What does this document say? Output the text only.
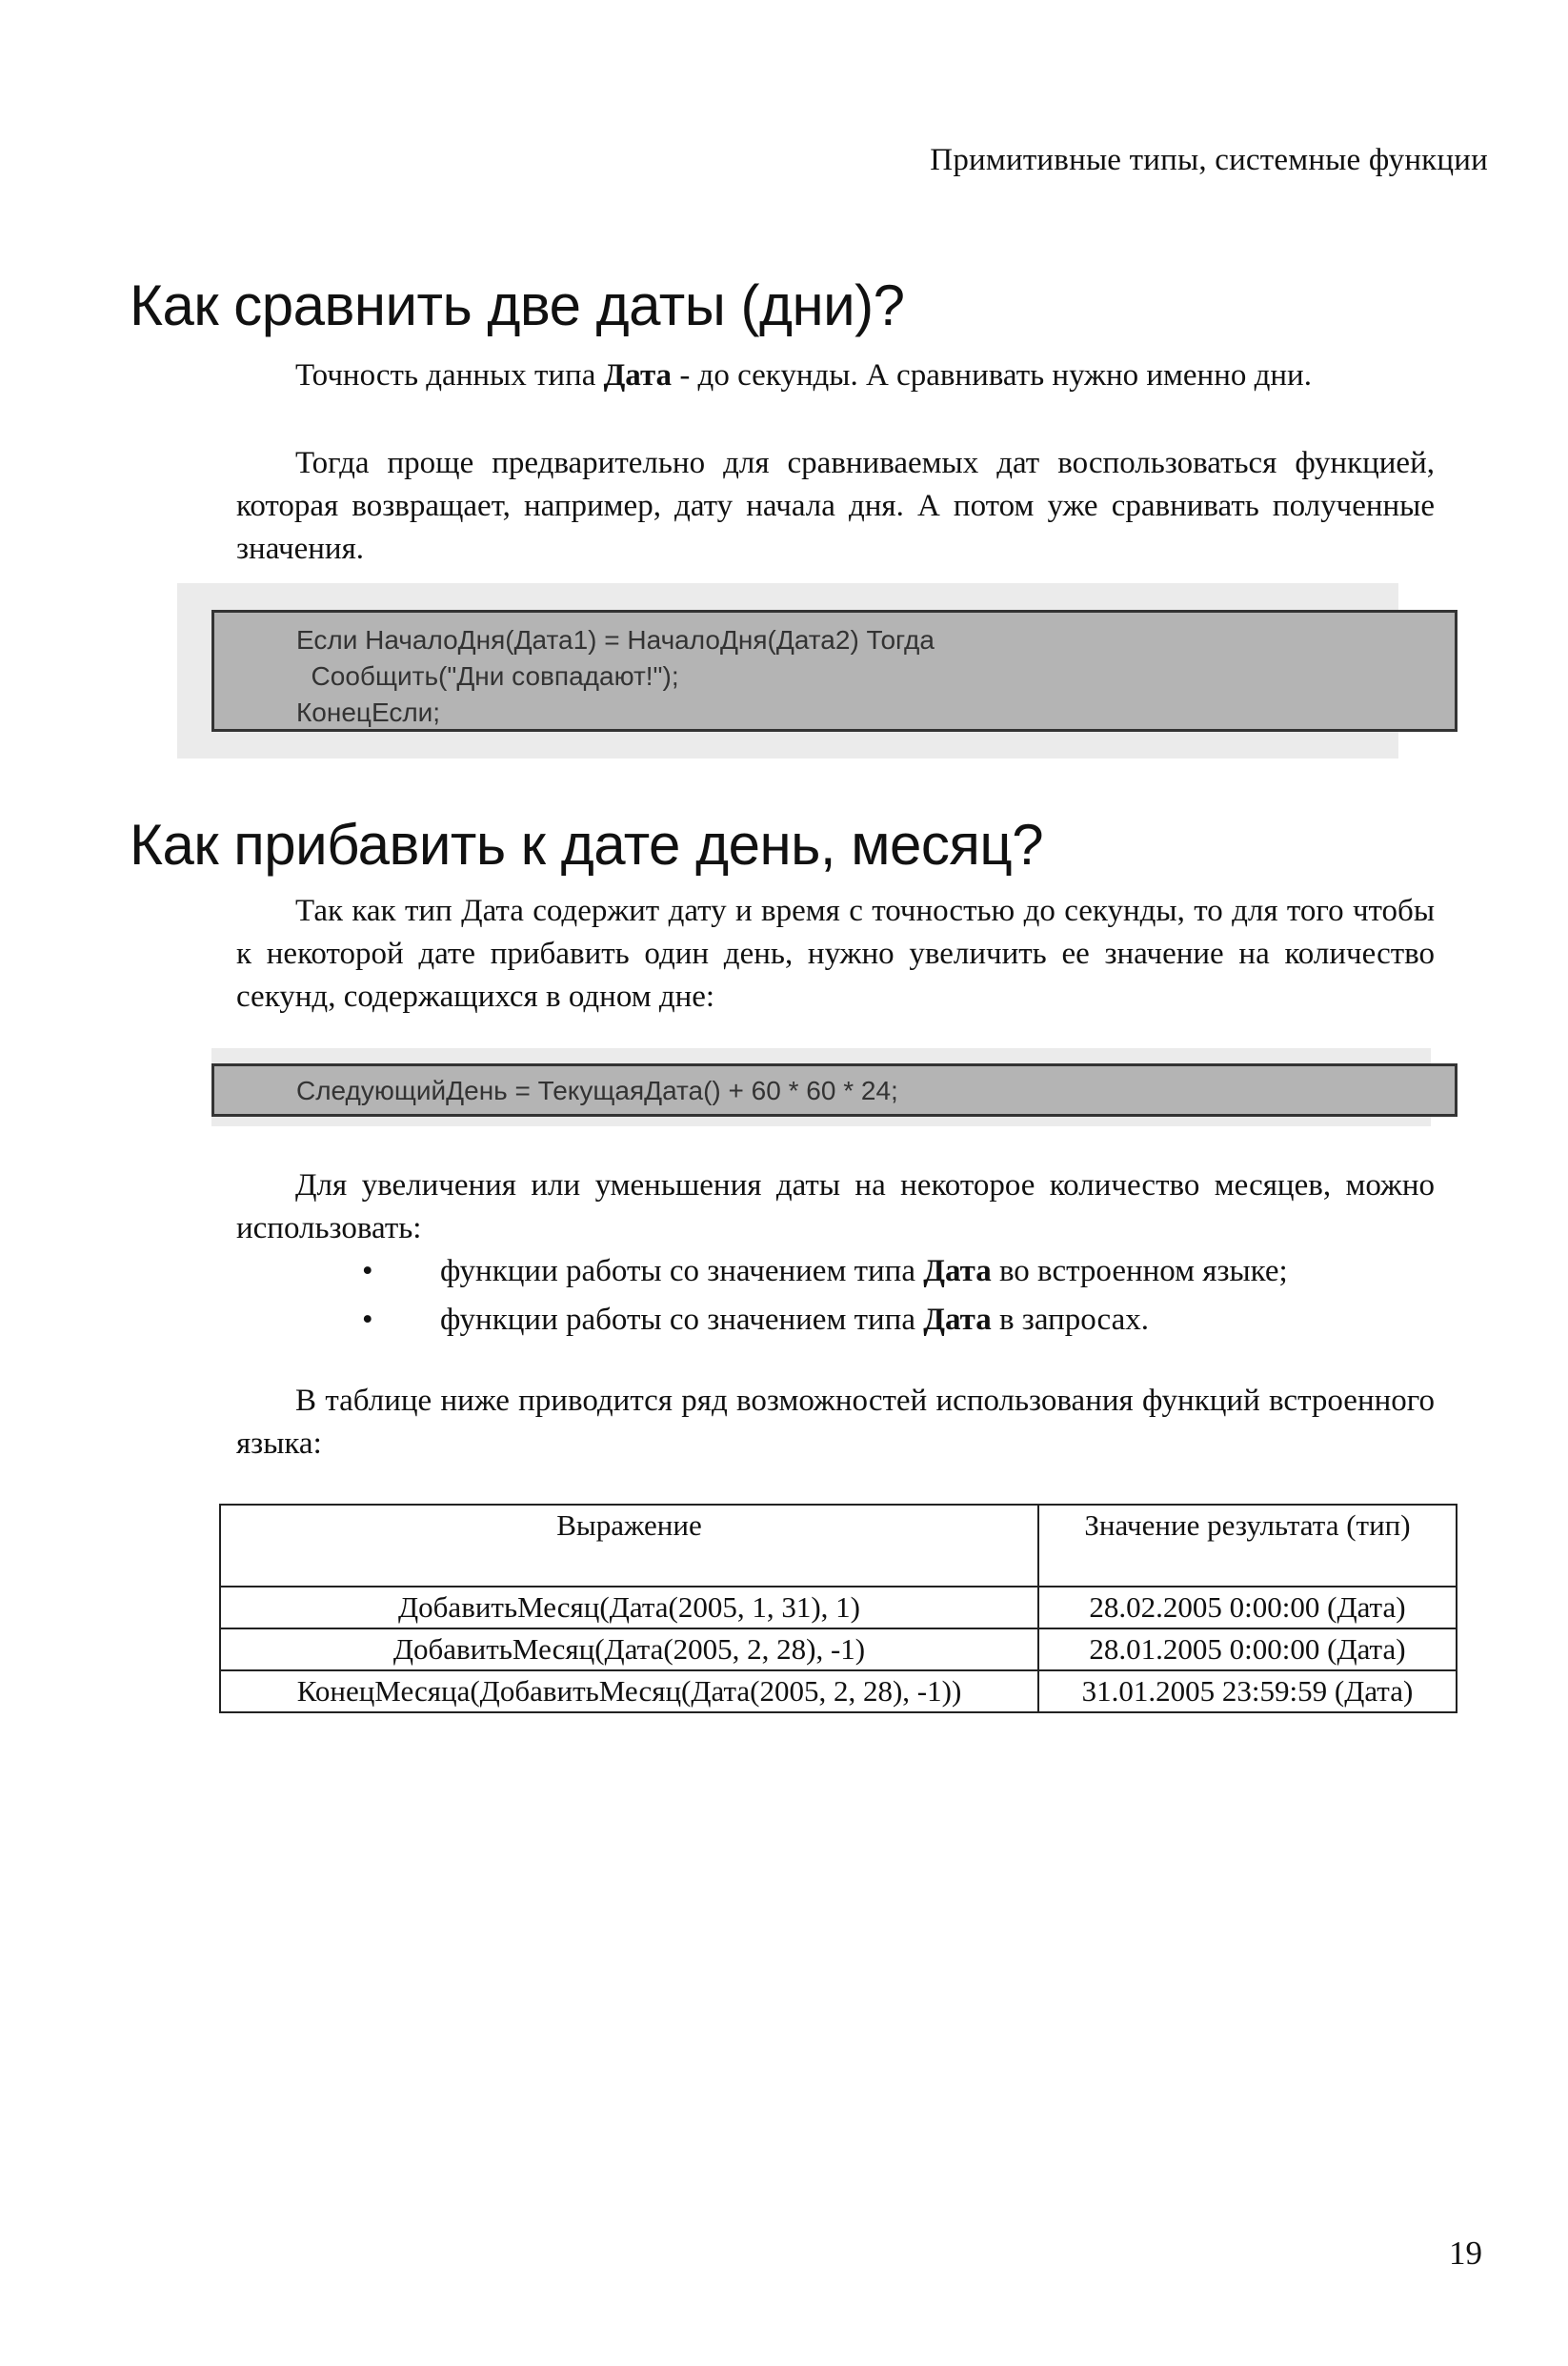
Примитивные типы, системные функции
Как сравнить две даты (дни)?

Точность данных типа Дата - до секунды. А сравнивать нужно именно дни.

Тогда проще предварительно для сравниваемых дат воспользоваться функцией, которая возвращает, например, дату начала дня. А потом уже сравнивать полученные значения.

Если НачалоДня(Дата1) = НачалоДня(Дата2) Тогда
Сообщить("Дни совпадают!");
КонецЕсли;
Как прибавить к дате день, месяц?

Так как тип Дата содержит дату и время с точностью до секунды, то для того чтобы к некоторой дате прибавить один день, нужно увеличить ее значение на количество секунд, содержащихся в одном дне:

СледующийДень = ТекущаяДата() + 60 * 60 * 24;

Для увеличения или уменьшения даты на некоторое количество месяцев, можно использовать:

• функции работы со значением типа Дата во встроенном языке;
• функции работы со значением типа Дата в запросах.

В таблице ниже приводится ряд возможностей использования функций встроенного языка:

Выражение	Значение результата (тип)
ДобавитьМесяц(Дата(2005, 1, 31), 1)	28.02.2005 0:00:00 (Дата)
ДобавитьМесяц(Дата(2005, 2, 28), -1)	28.01.2005 0:00:00 (Дата)
КонецМесяца(ДобавитьМесяц(Дата(2005, 2, 28), -1))	31.01.2005 23:59:59 (Дата)
19
